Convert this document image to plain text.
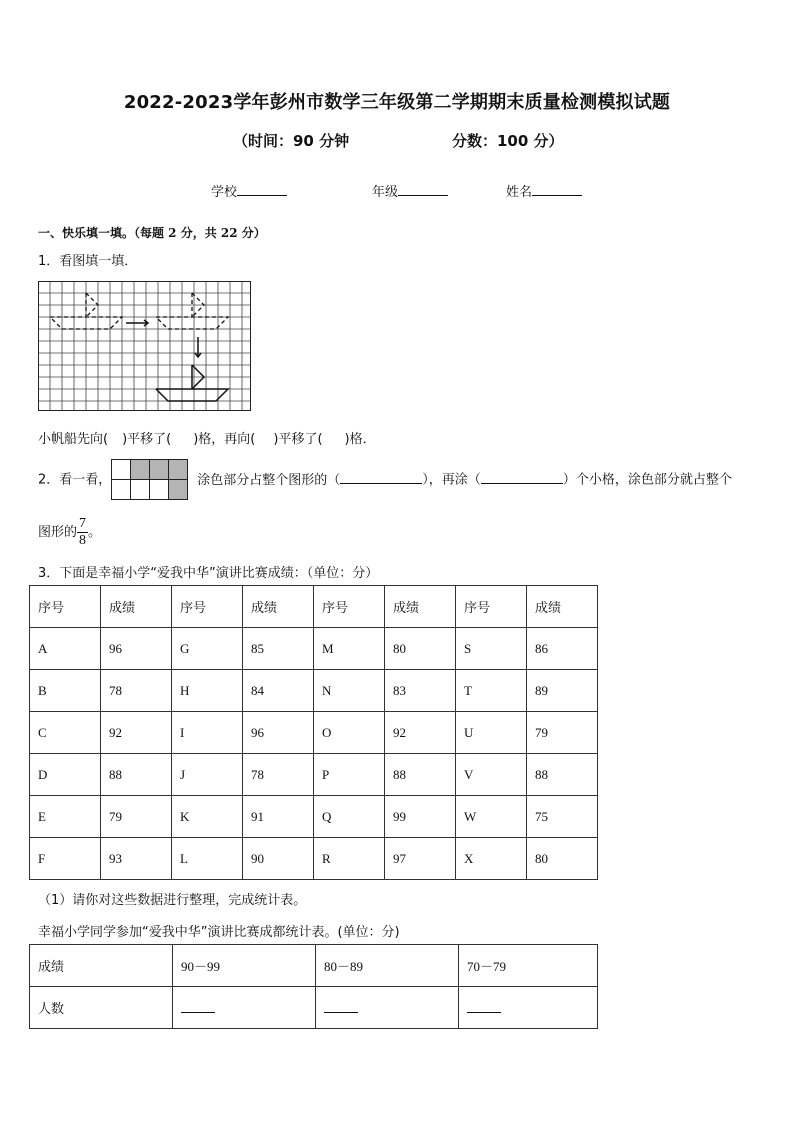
2022-2023学年彭州市数学三年级第二学期期末质量检测模拟试题
（时间：90 分钟	分数：100 分）
学校	年级	姓名
一、快乐填一填。（每题 2 分，共 22 分）
1．看图填一填．
小帆船先向( )平移了( )格，再向( )平移了( )格．
2．看一看，	涂色部分占整个图形的（	），再涂（	）个小格，涂色部分就占整个
图形的 $\frac{7}{8}$ 。
3．下面是幸福小学“爱我中华”演讲比赛成绩：（单位：分）
序号	成绩	序号	成绩	序号	成绩	序号	成绩
A	96	G	85	M	80	S	86
B	78	H	84	N	83	T	89
C	92	I	96	O	92	U	79
D	88	J	78	P	88	V	88
E	79	K	91	Q	99	W	75
F	93	L	90	R	97	X	80
（1）请你对这些数据进行整理，完成统计表。
幸福小学同学参加“爱我中华”演讲比赛成都统计表。(单位：分)
成绩	90－99	80－89	70－79
人数			
